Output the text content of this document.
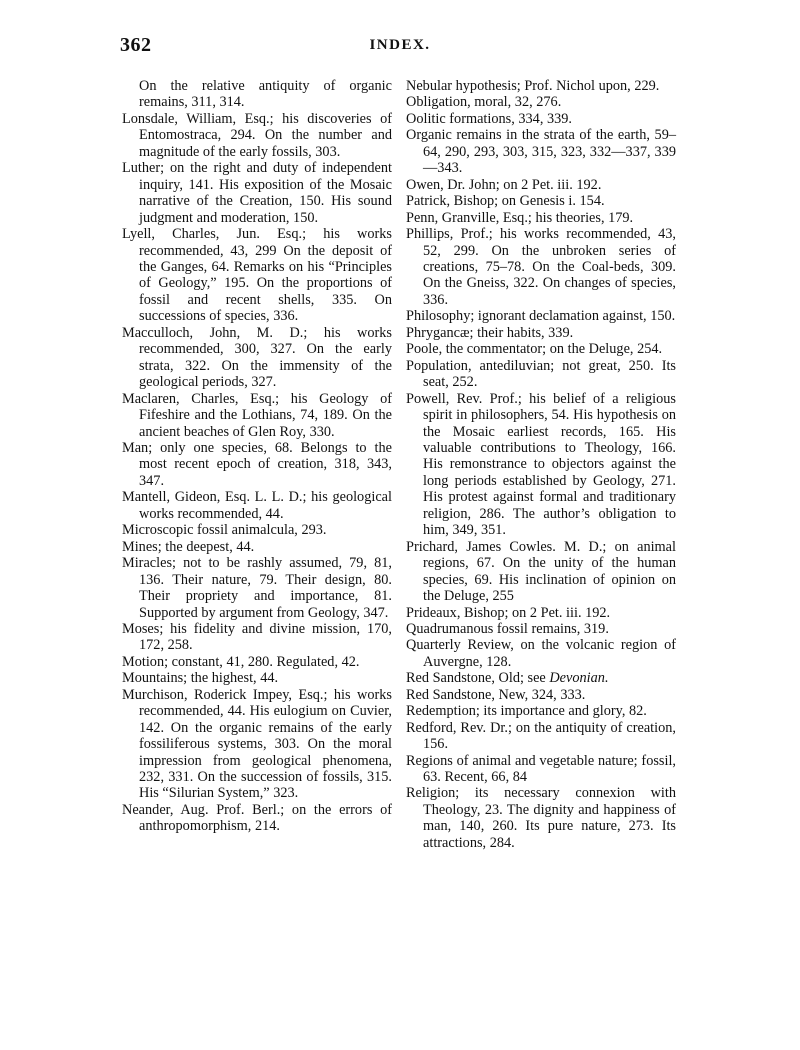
362	INDEX.

On the relative antiquity of organic remains, 311, 314.

Lonsdale, William, Esq.; his discoveries of Entomostraca, 294. On the number and magnitude of the early fossils, 303.

Luther; on the right and duty of independent inquiry, 141. His exposition of the Mosaic narrative of the Creation, 150. His sound judgment and moderation, 150.

Lyell, Charles, Jun. Esq.; his works recommended, 43, 299 On the deposit of the Ganges, 64. Remarks on his “Principles of Geology,” 195. On the proportions of fossil and recent shells, 335. On successions of species, 336.

Macculloch, John, M. D.; his works recommended, 300, 327. On the early strata, 322. On the immensity of the geological periods, 327.

Maclaren, Charles, Esq.; his Geology of Fifeshire and the Lothians, 74, 189. On the ancient beaches of Glen Roy, 330.

Man; only one species, 68. Belongs to the most recent epoch of creation, 318, 343, 347.

Mantell, Gideon, Esq. L. L. D.; his geological works recommended, 44.

Microscopic fossil animalcula, 293.

Mines; the deepest, 44.

Miracles; not to be rashly assumed, 79, 81, 136. Their nature, 79. Their design, 80. Their propriety and importance, 81. Supported by argument from Geology, 347.

Moses; his fidelity and divine mission, 170, 172, 258.

Motion; constant, 41, 280. Regulated, 42.

Mountains; the highest, 44.

Murchison, Roderick Impey, Esq.; his works recommended, 44. His eulogium on Cuvier, 142. On the organic remains of the early fossiliferous systems, 303. On the moral impression from geological phenomena, 232, 331. On the succession of fossils, 315. His “Silurian System,” 323.

Neander, Aug. Prof. Berl.; on the errors of anthropomorphism, 214.

Nebular hypothesis; Prof. Nichol upon, 229.

Obligation, moral, 32, 276.

Oolitic formations, 334, 339.

Organic remains in the strata of the earth, 59–64, 290, 293, 303, 315, 323, 332—337, 339—343.

Owen, Dr. John; on 2 Pet. iii. 192.

Patrick, Bishop; on Genesis i. 154.

Penn, Granville, Esq.; his theories, 179.

Phillips, Prof.; his works recommended, 43, 52, 299. On the unbroken series of creations, 75–78. On the Coal-beds, 309. On the Gneiss, 322. On changes of species, 336.

Philosophy; ignorant declamation against, 150.

Phrygancæ; their habits, 339.

Poole, the commentator; on the Deluge, 254.

Population, antediluvian; not great, 250. Its seat, 252.

Powell, Rev. Prof.; his belief of a religious spirit in philosophers, 54. His hypothesis on the Mosaic earliest records, 165. His valuable contributions to Theology, 166. His remonstrance to objectors against the long periods established by Geology, 271. His protest against formal and traditionary religion, 286. The author’s obligation to him, 349, 351.

Prichard, James Cowles. M. D.; on animal regions, 67. On the unity of the human species, 69. His inclination of opinion on the Deluge, 255

Prideaux, Bishop; on 2 Pet. iii. 192.

Quadrumanous fossil remains, 319.

Quarterly Review, on the volcanic region of Auvergne, 128.

Red Sandstone, Old; see Devonian.

Red Sandstone, New, 324, 333.

Redemption; its importance and glory, 82.

Redford, Rev. Dr.; on the antiquity of creation, 156.

Regions of animal and vegetable nature; fossil, 63. Recent, 66, 84

Religion; its necessary connexion with Theology, 23. The dignity and happiness of man, 140, 260. Its pure nature, 273. Its attractions, 284.
